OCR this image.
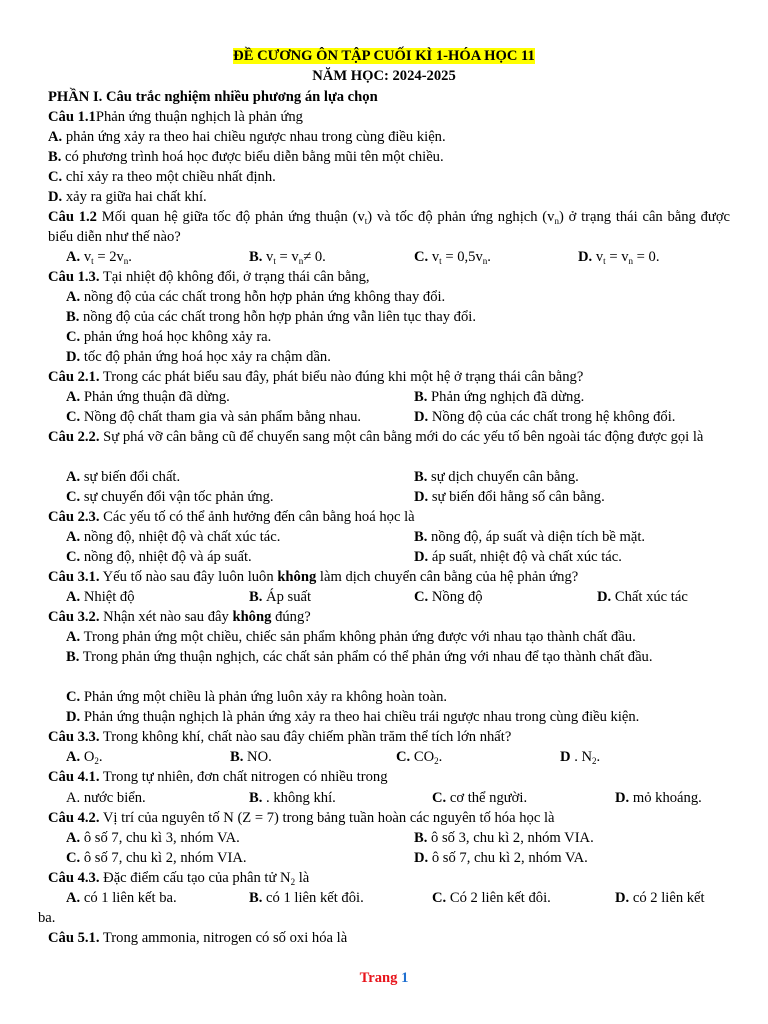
ĐỀ CƯƠNG ÔN TẬP CUỐI KÌ 1-HÓA HỌC 11
NĂM HỌC: 2024-2025
PHẦN I. Câu trắc nghiệm nhiều phương án lựa chọn
Câu 1.1Phản ứng thuận nghịch là phản ứng
A. phản ứng xảy ra theo hai chiều ngược nhau trong cùng điều kiện.
B. có phương trình hoá học được biểu diễn bằng mũi tên một chiều.
C. chỉ xảy ra theo một chiều nhất định.
D. xảy ra giữa hai chất khí.
Câu 1.2 Mối quan hệ giữa tốc độ phản ứng thuận $(v_t)$ và tốc độ phản ứng nghịch $(v_n)$ ở trạng thái cân bằng được biểu diễn như thế nào?
A. $v_t = 2v_n$.	B. $v_t = v_n\ne 0$.	C. $v_t = 0,5v_n$.	D. $v_t = v_n = 0$.
Câu 1.3. Tại nhiệt độ không đổi, ở trạng thái cân bằng,
A. nồng độ của các chất trong hỗn hợp phản ứng không thay đổi.
B. nồng độ của các chất trong hỗn hợp phản ứng vẫn liên tục thay đổi.
C. phản ứng hoá học không xảy ra.
D. tốc độ phản ứng hoá học xảy ra chậm dần.
Câu 2.1. Trong các phát biểu sau đây, phát biểu nào đúng khi một hệ ở trạng thái cân bằng?
A. Phản ứng thuận đã dừng.	B. Phản ứng nghịch đã dừng.
C. Nồng độ chất tham gia và sản phẩm bằng nhau.	D. Nồng độ của các chất trong hệ không đổi.
Câu 2.2. Sự phá vỡ cân bằng cũ để chuyển sang một cân bằng mới do các yếu tố bên ngoài tác động được gọi là
A. sự biến đổi chất.	B. sự dịch chuyển cân bằng.
C. sự chuyển đổi vận tốc phản ứng.	D. sự biến đổi hằng số cân bằng.
Câu 2.3. Các yếu tố có thể ảnh hưởng đến cân bằng hoá học là
A. nồng độ, nhiệt độ và chất xúc tác.	B. nồng độ, áp suất và diện tích bề mặt.
C. nồng độ, nhiệt độ và áp suất.	D. áp suất, nhiệt độ và chất xúc tác.
Câu 3.1. Yếu tố nào sau đây luôn luôn không làm dịch chuyển cân bằng của hệ phản ứng?
A. Nhiệt độ	B. Áp suất	C. Nồng độ	D. Chất xúc tác
Câu 3.2. Nhận xét nào sau đây không đúng?
A. Trong phản ứng một chiều, chiếc sản phẩm không phản ứng được với nhau tạo thành chất đầu.
B. Trong phản ứng thuận nghịch, các chất sản phẩm có thể phản ứng với nhau để tạo thành chất đầu.
C. Phản ứng một chiều là phản ứng luôn xảy ra không hoàn toàn.
D. Phản ứng thuận nghịch là phản ứng xảy ra theo hai chiều trái ngược nhau trong cùng điều kiện.
Câu 3.3. Trong không khí, chất nào sau đây chiếm phần trăm thể tích lớn nhất?
A. $O_2$.	B. NO.	C. $CO_2$.	D . $N_2$.
Câu 4.1. Trong tự nhiên, đơn chất nitrogen có nhiều trong
A. nước biển.	B. . không khí.	C. cơ thể người.	D. mỏ khoáng.
Câu 4.2. Vị trí của nguyên tố N (Z = 7) trong bảng tuần hoàn các nguyên tố hóa học là
A. ô số 7, chu kì 3, nhóm VA.	B. ô số 3, chu kì 2, nhóm VIA.
C. ô số 7, chu kì 2, nhóm VIA.	D. ô số 7, chu kì 2, nhóm VA.
Câu 4.3. Đặc điểm cấu tạo của phân tử $N_2$ là
A. có 1 liên kết ba.	B. có 1 liên kết đôi.	C. Có 2 liên kết đôi.	D. có 2 liên kết
ba.
Câu 5.1. Trong ammonia, nitrogen có số oxi hóa là
Trang 1
